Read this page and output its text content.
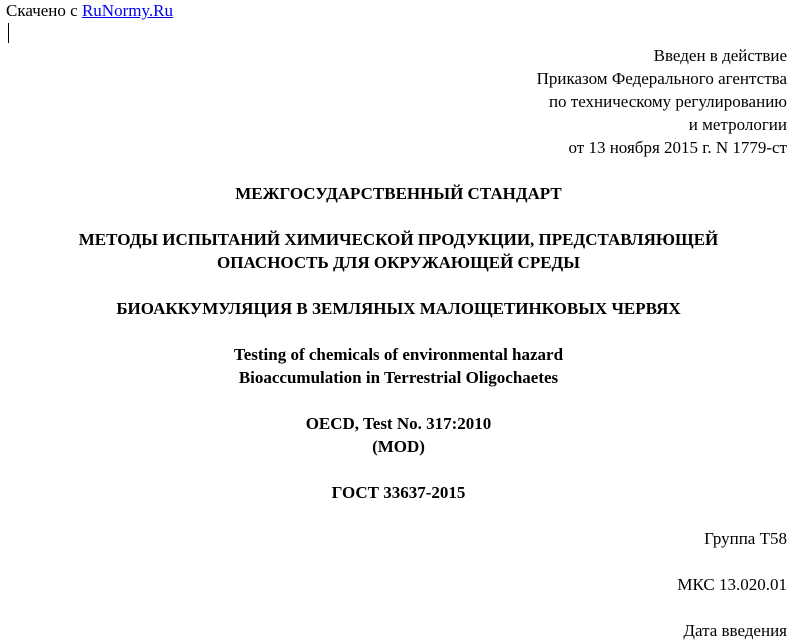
Скачено с RuNormy.Ru
Введен в действие
Приказом Федерального агентства
по техническому регулированию
и метрологии
от 13 ноября 2015 г. N 1779-ст
МЕЖГОСУДАРСТВЕННЫЙ СТАНДАРТ
МЕТОДЫ ИСПЫТАНИЙ ХИМИЧЕСКОЙ ПРОДУКЦИИ, ПРЕДСТАВЛЯЮЩЕЙ
ОПАСНОСТЬ ДЛЯ ОКРУЖАЮЩЕЙ СРЕДЫ
БИОАККУМУЛЯЦИЯ В ЗЕМЛЯНЫХ МАЛОЩЕТИНКОВЫХ ЧЕРВЯХ
Testing of chemicals of environmental hazard
Bioaccumulation in Terrestrial Oligochaetes
OECD, Test No. 317:2010
(MOD)
ГОСТ 33637-2015
Группа Т58
МКС 13.020.01
Дата введения
